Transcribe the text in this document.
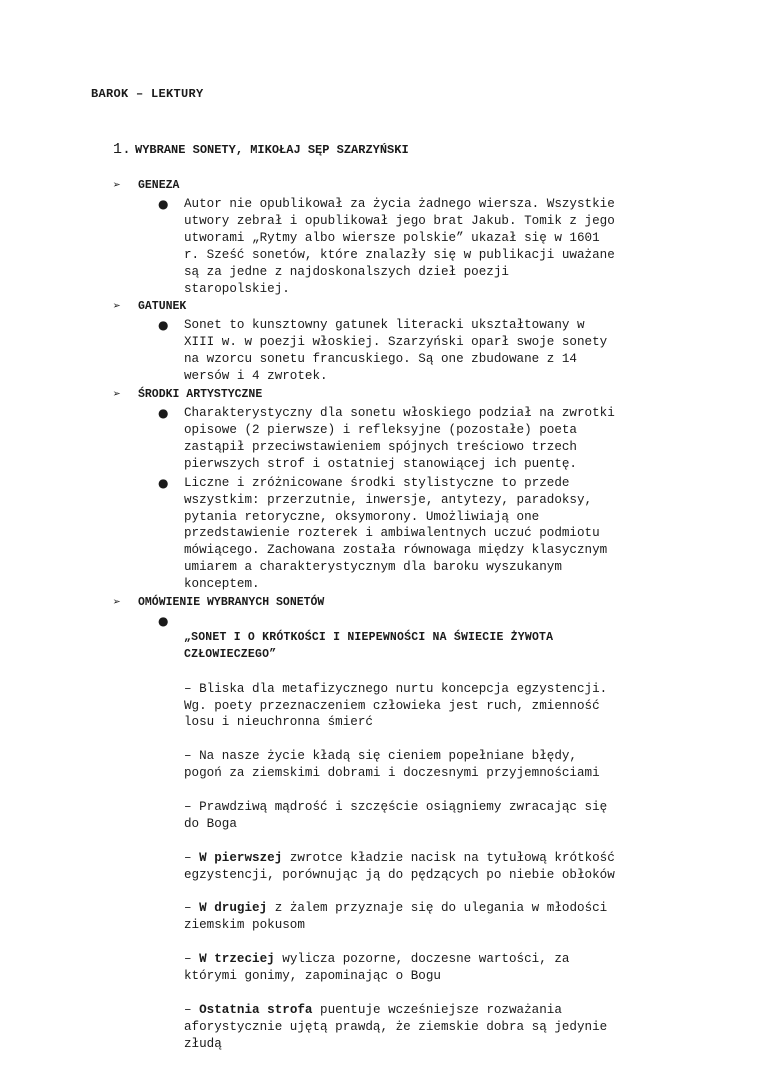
BAROK – LEKTURY
1. WYBRANE SONETY, MIKOŁAJ SĘP SZARZYŃSKI
➢	GENEZA
●	Autor nie opublikował za życia żadnego wiersza. Wszystkie
utwory zebrał i opublikował jego brat Jakub. Tomik z jego
utworami „Rytmy albo wiersze polskie” ukazał się w 1601
r. Sześć sonetów, które znalazły się w publikacji uważane
są za jedne z najdoskonalszych dzieł poezji
staropolskiej.
➢	GATUNEK
●	Sonet to kunsztowny gatunek literacki ukształtowany w
XIII w. w poezji włoskiej. Szarzyński oparł swoje sonety
na wzorcu sonetu francuskiego. Są one zbudowane z 14
wersów i 4 zwrotek.
➢	ŚRODKI ARTYSTYCZNE
●	Charakterystyczny dla sonetu włoskiego podział na zwrotki
opisowe (2 pierwsze) i refleksyjne (pozostałe) poeta
zastąpił przeciwstawieniem spójnych treściowo trzech
pierwszych strof i ostatniej stanowiącej ich puentę.
●	Liczne i zróżnicowane środki stylistyczne to przede
wszystkim: przerzutnie, inwersje, antytezy, paradoksy,
pytania retoryczne, oksymorony. Umożliwiają one
przedstawienie rozterek i ambiwalentnych uczuć podmiotu
mówiącego. Zachowana została równowaga między klasycznym
umiarem a charakterystycznym dla baroku wyszukanym
konceptem.
➢	OMÓWIENIE WYBRANYCH SONETÓW
●

„SONET I O KRÓTKOŚCI I NIEPEWNOŚCI NA ŚWIECIE ŻYWOTA
CZŁOWIECZEGO”

– Bliska dla metafizycznego nurtu koncepcja egzystencji.
Wg. poety przeznaczeniem człowieka jest ruch, zmienność
losu i nieuchronna śmierć

– Na nasze życie kładą się cieniem popełniane błędy,
pogoń za ziemskimi dobrami i doczesnymi przyjemnościami

– Prawdziwą mądrość i szczęście osiągniemy zwracając się
do Boga

– W pierwszej zwrotce kładzie nacisk na tytułową krótkość
egzystencji, porównując ją do pędzących po niebie obłoków

– W drugiej z żalem przyznaje się do ulegania w młodości
ziemskim pokusom

– W trzeciej wylicza pozorne, doczesne wartości, za
którymi gonimy, zapominając o Bogu

– Ostatnia strofa puentuje wcześniejsze rozważania
aforystycznie ujętą prawdą, że ziemskie dobra są jedynie
złudą
